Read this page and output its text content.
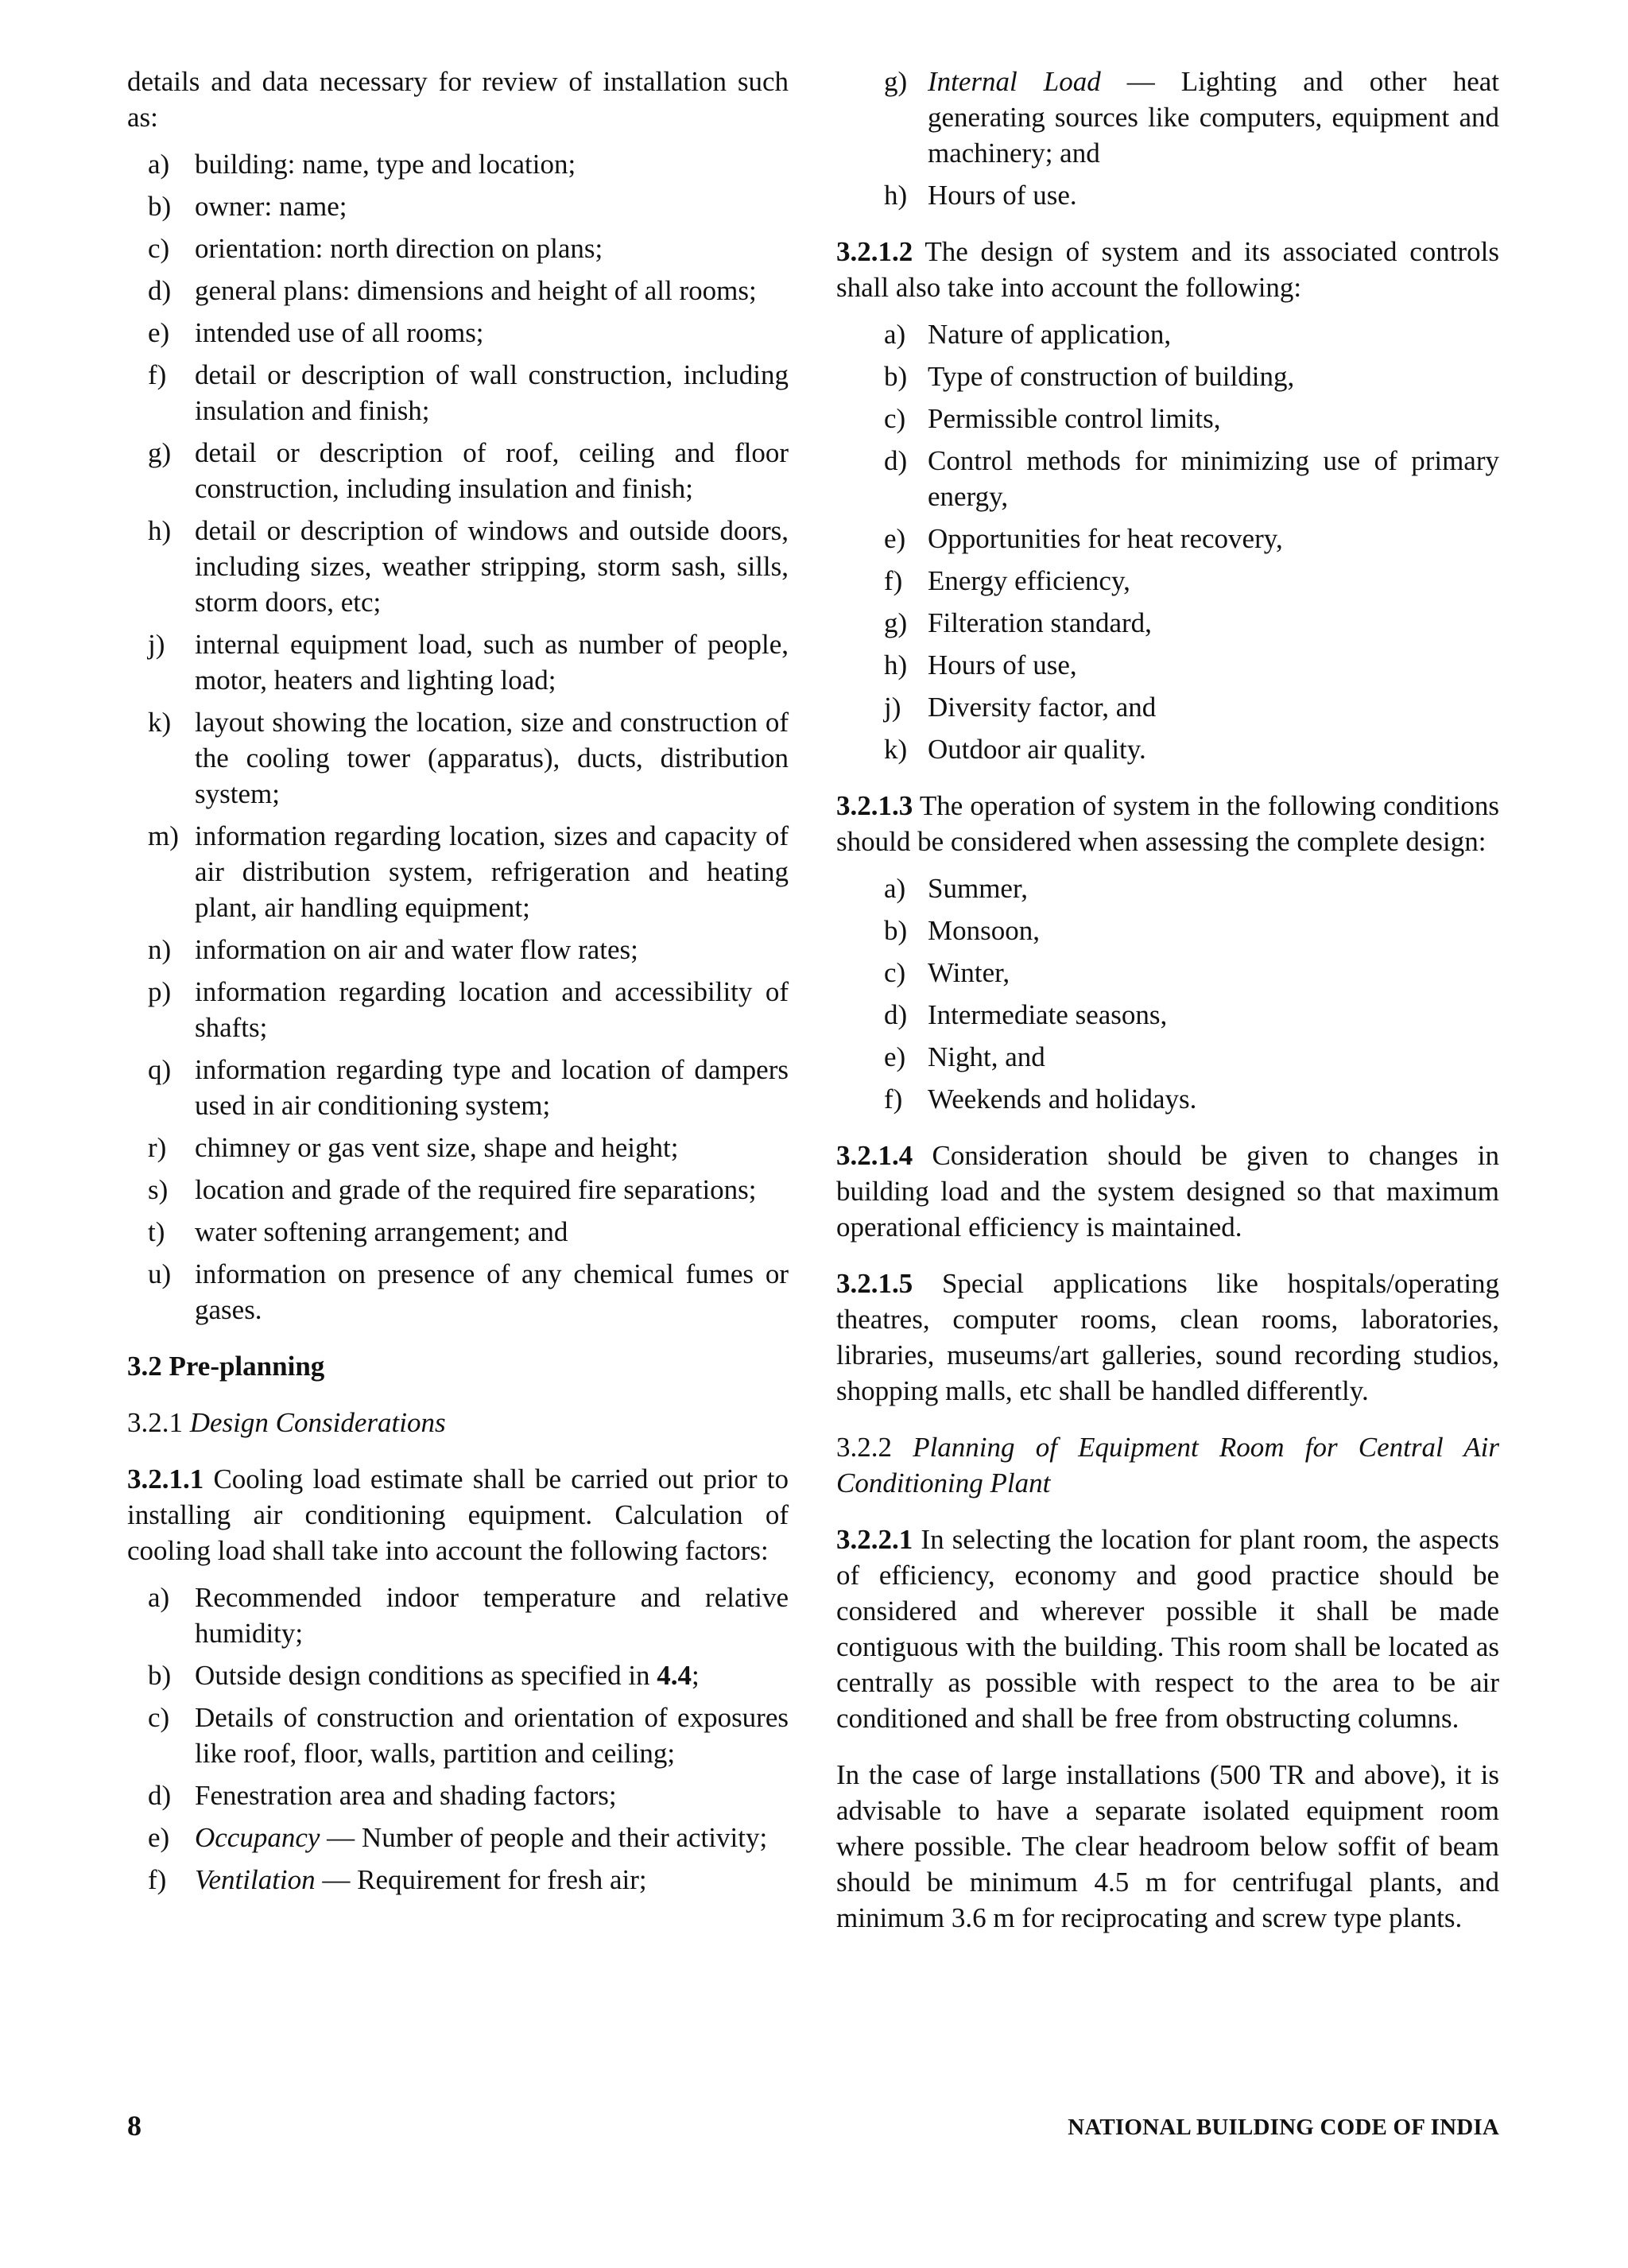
details and data necessary for review of installation such as:

a) building: name, type and location;
b) owner: name;
c) orientation: north direction on plans;
d) general plans: dimensions and height of all rooms;
e) intended use of all rooms;
f)	detail or description of wall construction, including insulation and finish;
g) detail or description of roof, ceiling and floor construction, including insulation and finish;
h) detail or description of windows and outside doors, including sizes, weather stripping, storm sash, sills, storm doors, etc;
j)	internal equipment load, such as number of people, motor, heaters and lighting load;
k) layout showing the location, size and construction of the cooling tower (apparatus), ducts, distribution system;
m) information regarding location, sizes and capacity of air distribution system, refrigeration and heating plant, air handling equipment;
n) information on air and water flow rates;
p) information regarding location and accessibility of shafts;
q) information regarding type and location of dampers used in air conditioning system;
r)	chimney or gas vent size, shape and height;
s) location and grade of the required fire separations;
t)	water softening arrangement; and
u) information on presence of any chemical fumes or gases.

3.2 Pre-planning

3.2.1 Design Considerations

3.2.1.1 Cooling load estimate shall be carried out prior to installing air conditioning equipment. Calculation of cooling load shall take into account the following factors:

a) Recommended indoor temperature and relative humidity;
b) Outside design conditions as specified in 4.4;
c) Details of construction and orientation of exposures like roof, floor, walls, partition and ceiling;
d) Fenestration area and shading factors;
e) Occupancy — Number of people and their activity;
f)	Ventilation — Requirement for fresh air;
g) Internal Load — Lighting and other heat generating sources like computers, equipment and machinery; and
h) Hours of use.

3.2.1.2 The design of system and its associated controls shall also take into account the following:

a) Nature of application,
b) Type of construction of building,
c) Permissible control limits,
d) Control methods for minimizing use of primary energy,
e) Opportunities for heat recovery,
f) Energy efficiency,
g) Filteration standard,
h) Hours of use,
j) Diversity factor, and
k) Outdoor air quality.

3.2.1.3 The operation of system in the following conditions should be considered when assessing the complete design:

a) Summer,
b) Monsoon,
c) Winter,
d) Intermediate seasons,
e) Night, and
f) Weekends and holidays.

3.2.1.4 Consideration should be given to changes in building load and the system designed so that maximum operational efficiency is maintained.

3.2.1.5 Special applications like hospitals/operating theatres, computer rooms, clean rooms, laboratories, libraries, museums/art galleries, sound recording studios, shopping malls, etc shall be handled differently.

3.2.2 Planning of Equipment Room for Central Air Conditioning Plant

3.2.2.1 In selecting the location for plant room, the aspects of efficiency, economy and good practice should be considered and wherever possible it shall be made contiguous with the building. This room shall be located as centrally as possible with respect to the area to be air conditioned and shall be free from obstructing columns.

In the case of large installations (500 TR and above), it is advisable to have a separate isolated equipment room where possible. The clear headroom below soffit of beam should be minimum 4.5 m for centrifugal plants, and minimum 3.6 m for reciprocating and screw type plants.

8	NATIONAL BUILDING CODE OF INDIA
